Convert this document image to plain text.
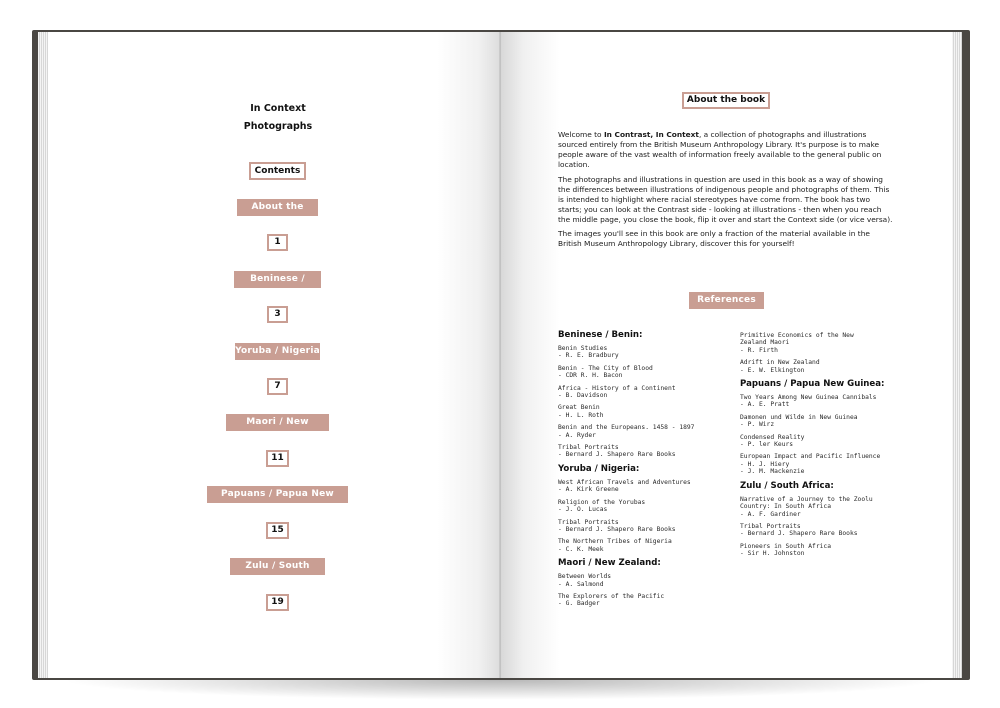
In Context
Photographs
Contents
About the Book
1
Beninese / Benin
3
Yoruba / Nigeria
7
Maori / New Zealand
11
Papuans / Papua New Guinea
15
Zulu / South Africa
19
About the book

Welcome to In Contrast, In Context, a collection of photographs and illustrations sourced entirely from the British Museum Anthropology Library. It's purpose is to make people aware of the vast wealth of information freely available to the general public on location.

The photographs and illustrations in question are used in this book as a way of showing the differences between illustrations of indigenous people and photographs of them. This is intended to highlight where racial stereotypes have come from. The book has two starts; you can look at the Contrast side - looking at illustrations - then when you reach the middle page, you close the book, flip it over and start the Context side (or vice versa).

The images you'll see in this book are only a fraction of the material available in the British Museum Anthropology Library, discover this for yourself!

References
Beninese / Benin:
Benin Studies
- R. E. Bradbury
Benin - The City of Blood
- CDR R. H. Bacon
Africa - History of a Continent
- B. Davidson
Great Benin
- H. L. Roth
Benin and the Europeans. 1458 - 1897
- A. Ryder
Tribal Portraits
- Bernard J. Shapero Rare Books
Yoruba / Nigeria:
West African Travels and Adventures
- A. Kirk Greene
Religion of the Yorubas
- J. O. Lucas
Tribal Portraits
- Bernard J. Shapero Rare Books
The Northern Tribes of Nigeria
- C. K. Meek
Maori / New Zealand:
Between Worlds
- A. Salmond
The Explorers of the Pacific
- G. Badger
Primitive Economics of the New
Zealand Maori
- R. Firth
Adrift in New Zealand
- E. W. Elkington
Papuans / Papua New Guinea:
Two Years Among New Guinea Cannibals
- A. E. Pratt
Damonen und Wilde in New Guinea
- P. Wirz
Condensed Reality
- P. ler Keurs
European Impact and Pacific Influence
- H. J. Hiery
- J. M. Mackenzie
Zulu / South Africa:
Narrative of a Journey to the Zoolu
Country: In South Africa
- A. F. Gardiner
Tribal Portraits
- Bernard J. Shapero Rare Books
Pioneers in South Africa
- Sir H. Johnston
